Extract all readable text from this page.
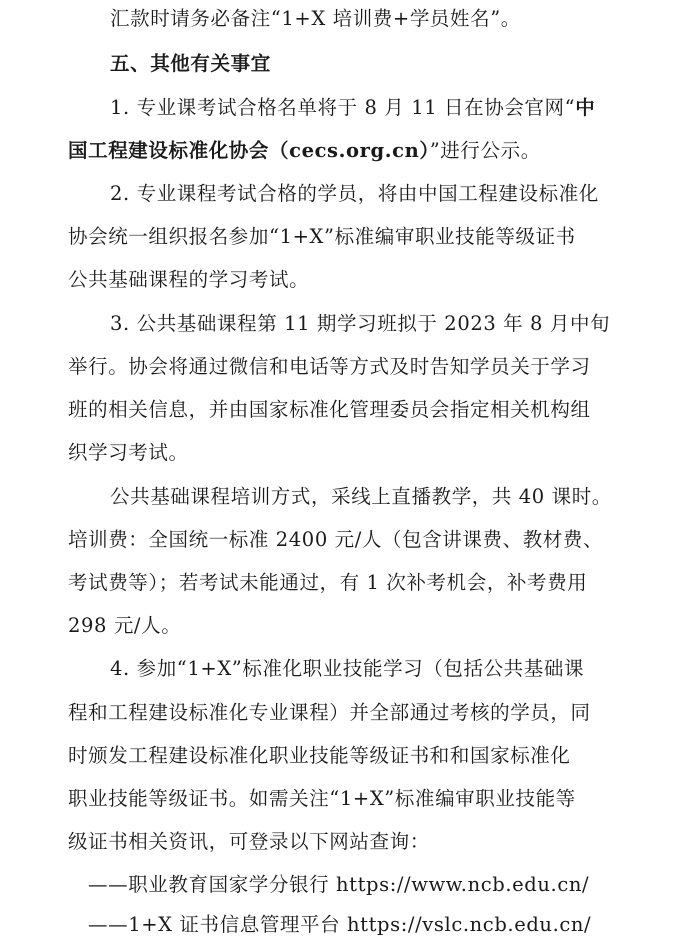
汇款时请务必备注“1+X 培训费+学员姓名”。
五、其他有关事宜
1. 专业课考试合格名单将于 8 月 11 日在协会官网“中
国工程建设标准化协会（cecs.org.cn）”进行公示。
2. 专业课程考试合格的学员，将由中国工程建设标准化
协会统一组织报名参加“1+X”标准编审职业技能等级证书
公共基础课程的学习考试。
3. 公共基础课程第 11 期学习班拟于 2023 年 8 月中旬
举行。协会将通过微信和电话等方式及时告知学员关于学习
班的相关信息，并由国家标准化管理委员会指定相关机构组
织学习考试。
公共基础课程培训方式，采线上直播教学，共 40 课时。
培训费：全国统一标准 2400 元/人（包含讲课费、教材费、
考试费等）；若考试未能通过，有 1 次补考机会，补考费用
298 元/人。
4. 参加“1+X”标准化职业技能学习（包括公共基础课
程和工程建设标准化专业课程）并全部通过考核的学员，同
时颁发工程建设标准化职业技能等级证书和和国家标准化
职业技能等级证书。如需关注“1+X”标准编审职业技能等
级证书相关资讯，可登录以下网站查询：
——职业教育国家学分银行 https://www.ncb.edu.cn/
——1+X 证书信息管理平台 https://vslc.ncb.edu.cn/
